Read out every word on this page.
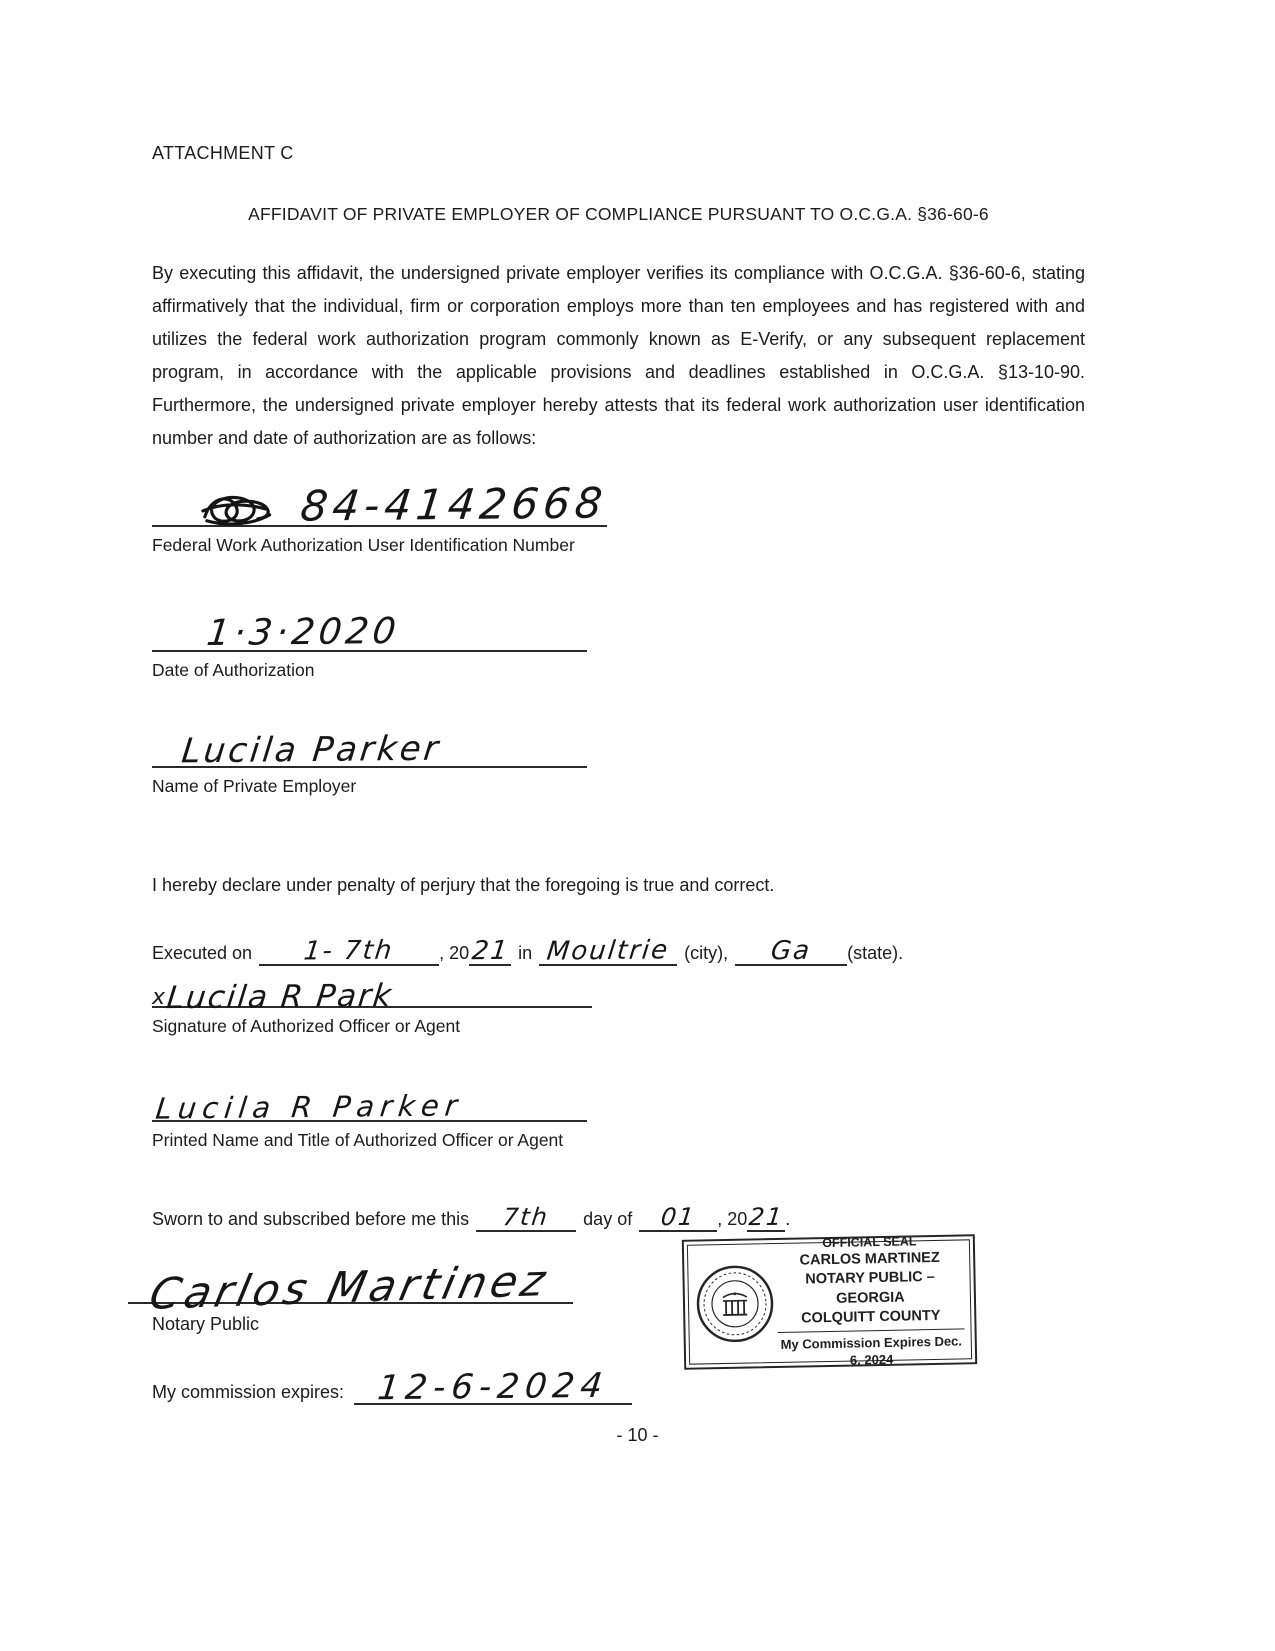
ATTACHMENT C
AFFIDAVIT OF PRIVATE EMPLOYER OF COMPLIANCE PURSUANT TO O.C.G.A. §36-60-6

By executing this affidavit, the undersigned private employer verifies its compliance with O.C.G.A. §36-60-6, stating affirmatively that the individual, firm or corporation employs more than ten employees and has registered with and utilizes the federal work authorization program commonly known as E-Verify, or any subsequent replacement program, in accordance with the applicable provisions and deadlines established in O.C.G.A. §13-10-90. Furthermore, the undersigned private employer hereby attests that its federal work authorization user identification number and date of authorization are as follows:

84-4142668
Federal Work Authorization User Identification Number
1·3·2020
Date of Authorization
Lucila Parker
Name of Private Employer
I hereby declare under penalty of perjury that the foregoing is true and correct.
Executed on	1- 7th	, 20 21 in Moultrie (city),	Ga	(state).
x Lucila R Park
Signature of Authorized Officer or Agent
Lucila R Parker
Printed Name and Title of Authorized Officer or Agent
Sworn to and subscribed before me this	7th	day of	01	, 20 21 .
Carlos Martinez
Notary Public
My commission expires: 12-6-2024
OFFICIAL SEAL
CARLOS MARTINEZ
NOTARY PUBLIC – GEORGIA
COLQUITT COUNTY
My Commission Expires Dec. 6, 2024
- 10 -
